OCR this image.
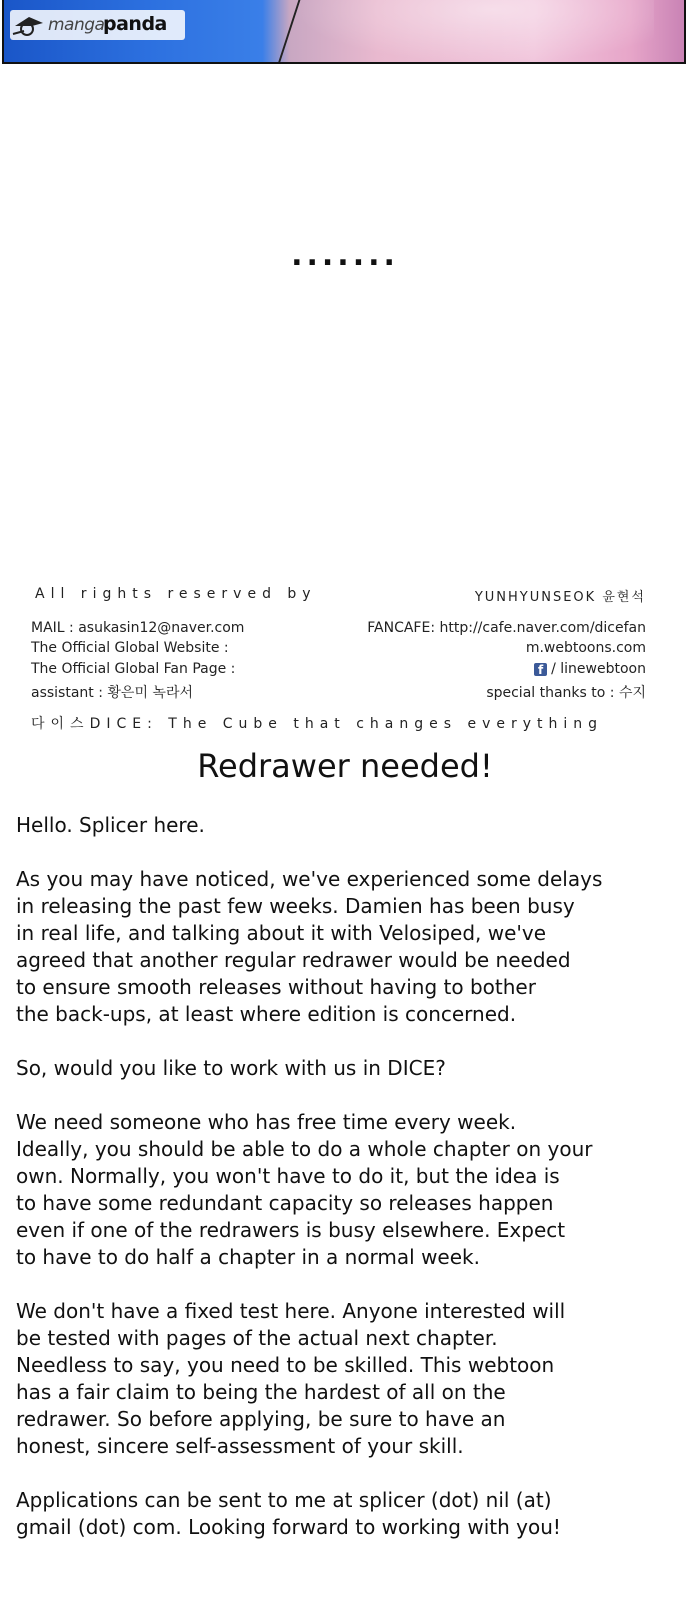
manga
panda
.......
All rights reserved by	YUNHYUNSEOK 윤현석
MAIL : asukasin12@naver.com	FANCAFE: http://cafe.naver.com/dicefan
The Official Global Website :	m.webtoons.com
The Official Global Fan Page :	f / linewebtoon
assistant : 황은미 녹라서	special thanks to : 수지
다이스DICE: The Cube that changes everything
Redrawer needed!

Hello. Splicer here.

As you may have noticed, we've experienced some delays
in releasing the past few weeks. Damien has been busy
in real life, and talking about it with Velosiped, we've
agreed that another regular redrawer would be needed
to ensure smooth releases without having to bother
the back-ups, at least where edition is concerned.

So, would you like to work with us in DICE?

We need someone who has free time every week.
Ideally, you should be able to do a whole chapter on your
own. Normally, you won't have to do it, but the idea is
to have some redundant capacity so releases happen
even if one of the redrawers is busy elsewhere. Expect
to have to do half a chapter in a normal week.

We don't have a fixed test here. Anyone interested will
be tested with pages of the actual next chapter.
Needless to say, you need to be skilled. This webtoon
has a fair claim to being the hardest of all on the
redrawer. So before applying, be sure to have an
honest, sincere self-assessment of your skill.

Applications can be sent to me at splicer (dot) nil (at)
gmail (dot) com. Looking forward to working with you!
